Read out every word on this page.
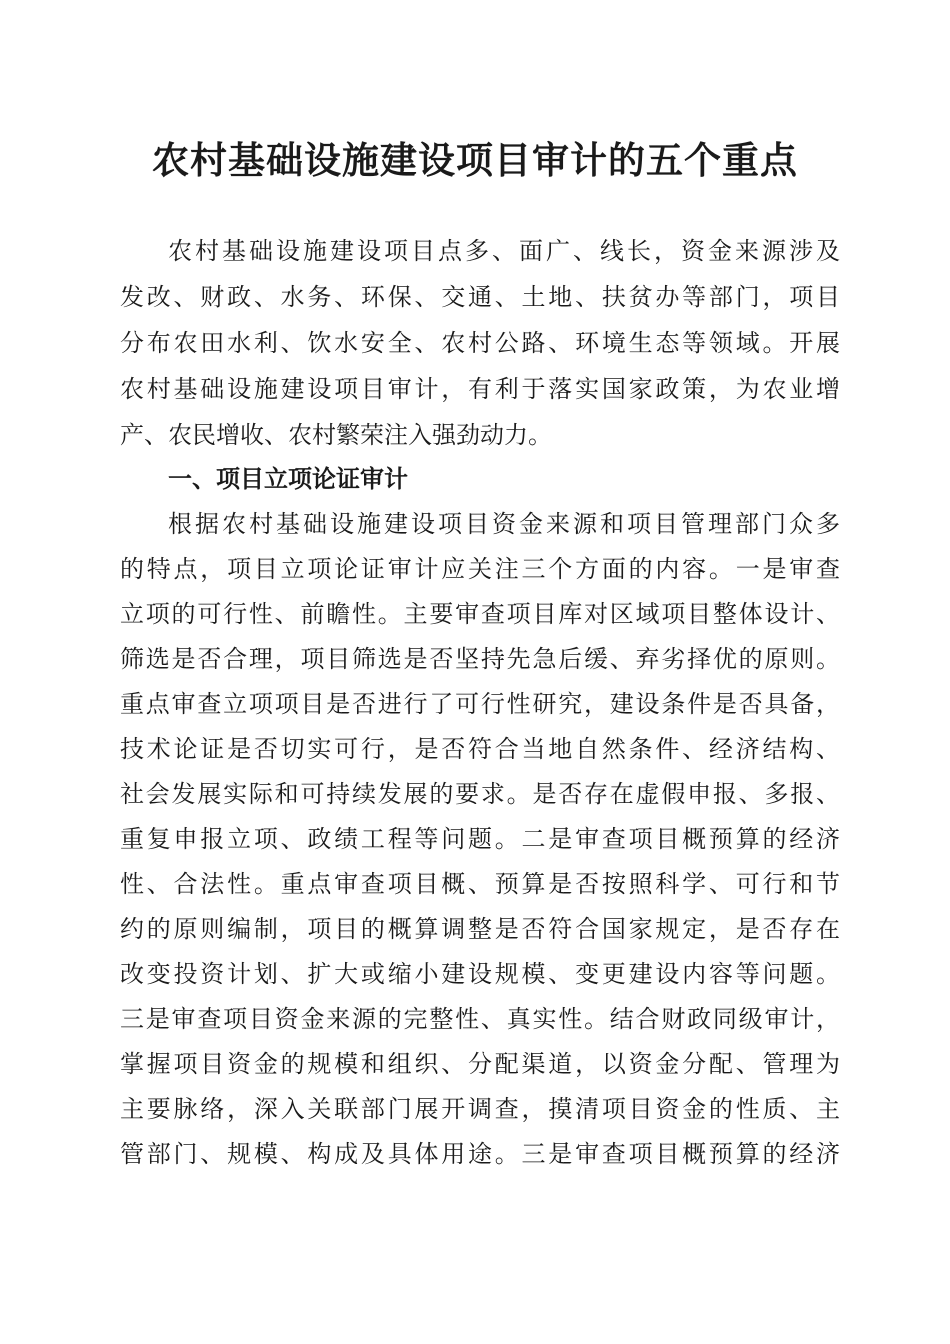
农村基础设施建设项目审计的五个重点

农村基础设施建设项目点多、面广、线长，资金来源涉及

发改、财政、水务、环保、交通、土地、扶贫办等部门，项目

分布农田水利、饮水安全、农村公路、环境生态等领域。开展

农村基础设施建设项目审计，有利于落实国家政策，为农业增

产、农民增收、农村繁荣注入强劲动力。

一、项目立项论证审计

根据农村基础设施建设项目资金来源和项目管理部门众多

的特点，项目立项论证审计应关注三个方面的内容。一是审查

立项的可行性、前瞻性。主要审查项目库对区域项目整体设计、

筛选是否合理，项目筛选是否坚持先急后缓、弃劣择优的原则。

重点审查立项项目是否进行了可行性研究，建设条件是否具备，

技术论证是否切实可行，是否符合当地自然条件、经济结构、

社会发展实际和可持续发展的要求。是否存在虚假申报、多报、

重复申报立项、政绩工程等问题。二是审查项目概预算的经济

性、合法性。重点审查项目概、预算是否按照科学、可行和节

约的原则编制，项目的概算调整是否符合国家规定，是否存在

改变投资计划、扩大或缩小建设规模、变更建设内容等问题。

三是审查项目资金来源的完整性、真实性。结合财政同级审计，

掌握项目资金的规模和组织、分配渠道，以资金分配、管理为

主要脉络，深入关联部门展开调查，摸清项目资金的性质、主

管部门、规模、构成及具体用途。三是审查项目概预算的经济
